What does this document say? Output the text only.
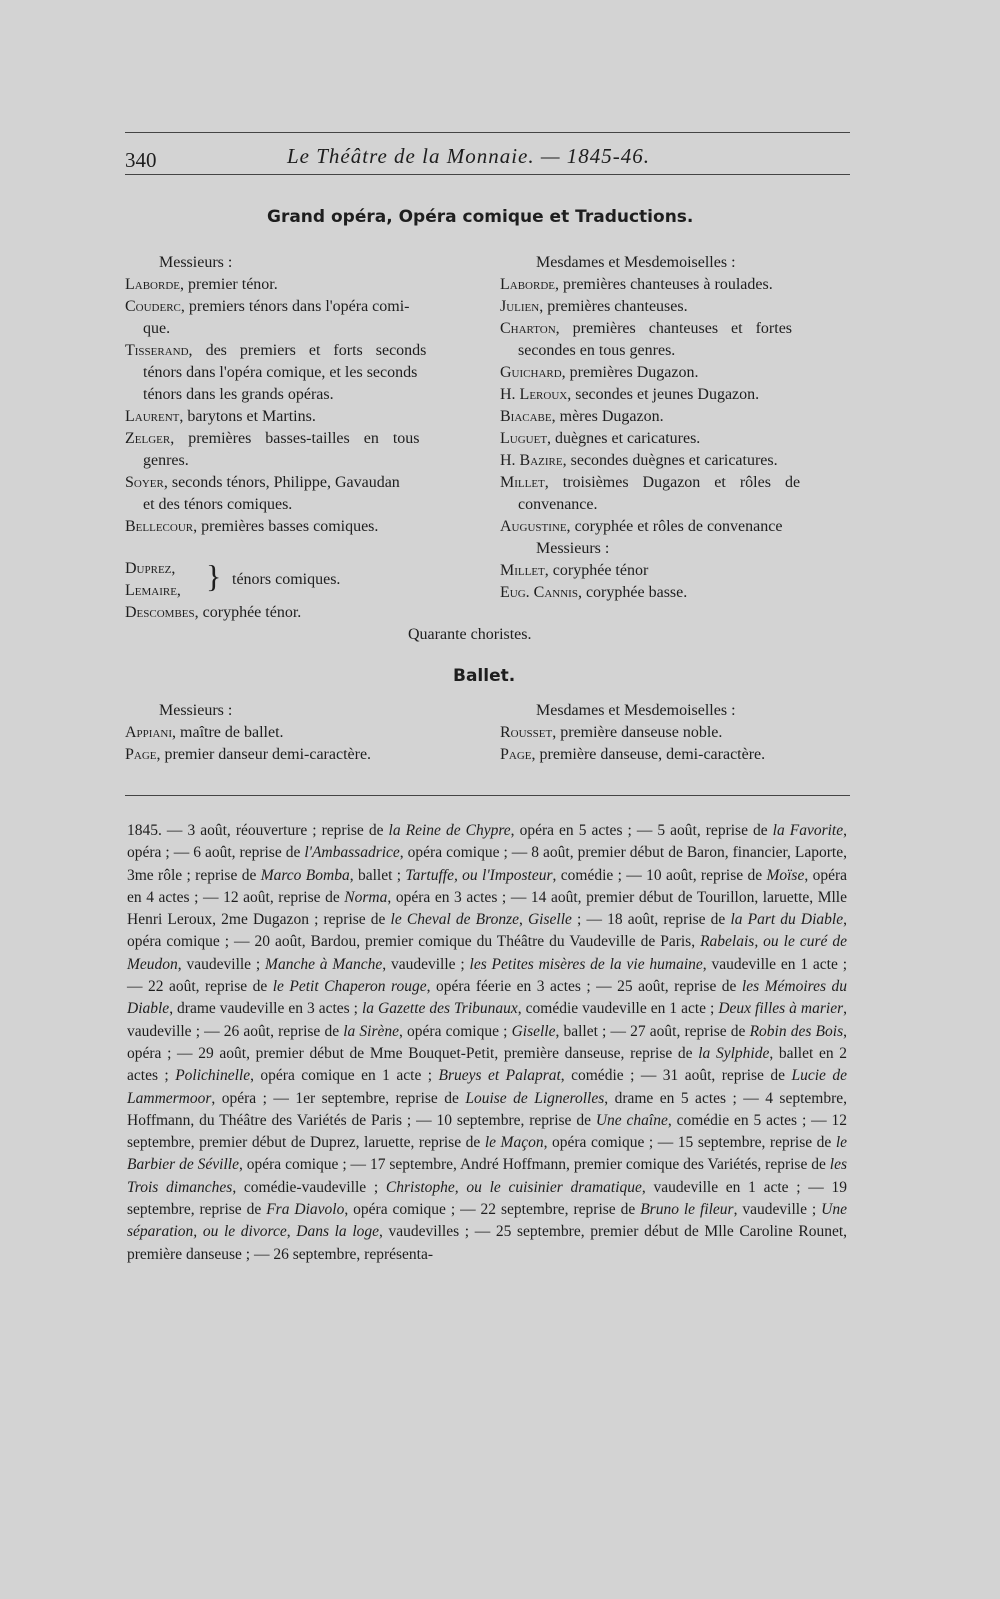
340	Le Théâtre de la Monnaie. — 1845-46.
Grand opéra, Opéra comique et Traductions.
Messieurs :
Laborde, premier ténor.
Couderc, premiers ténors dans l'opéra comi-
que.
Tisserand, des premiers et forts seconds
ténors dans l'opéra comique, et les seconds
ténors dans les grands opéras.
Laurent, barytons et Martins.
Zelger, premières basses-tailles en tous
genres.
Soyer, seconds ténors, Philippe, Gavaudan
et des ténors comiques.
Bellecour, premières basses comiques.
Duprez,
Lemaire, } ténors comiques.
Descombes, coryphée ténor.
Mesdames et Mesdemoiselles :
Laborde, premières chanteuses à roulades.
Julien, premières chanteuses.
Charton, premières chanteuses et fortes
secondes en tous genres.
Guichard, premières Dugazon.
H. Leroux, secondes et jeunes Dugazon.
Biacabe, mères Dugazon.
Luguet, duègnes et caricatures.
H. Bazire, secondes duègnes et caricatures.
Millet, troisièmes Dugazon et rôles de
convenance.
Augustine, coryphée et rôles de convenance
Messieurs :
Millet, coryphée ténor
Eug. Cannis, coryphée basse.
Quarante choristes.
Ballet.
Messieurs :
Appiani, maître de ballet.
Page, premier danseur demi-caractère.
Mesdames et Mesdemoiselles :
Rousset, première danseuse noble.
Page, première danseuse, demi-caractère.
1845. — 3 août, réouverture ; reprise de la Reine de Chypre, opéra en 5 actes ; — 5 août, reprise de la Favorite, opéra ; — 6 août, reprise de l'Ambassadrice, opéra comique ; — 8 août, premier début de Baron, financier, Laporte, 3me rôle ; reprise de Marco Bomba, ballet ; Tartuffe, ou l'Imposteur, comédie ; — 10 août, reprise de Moïse, opéra en 4 actes ; — 12 août, reprise de Norma, opéra en 3 actes ; — 14 août, premier début de Tourillon, laruette, Mlle Henri Leroux, 2me Dugazon ; reprise de le Cheval de Bronze, Giselle ; — 18 août, reprise de la Part du Diable, opéra comique ; — 20 août, Bardou, premier comique du Théâtre du Vaudeville de Paris, Rabelais, ou le curé de Meudon, vaudeville ; Manche à Manche, vaudeville ; les Petites misères de la vie humaine, vaudeville en 1 acte ; — 22 août, reprise de le Petit Chaperon rouge, opéra féerie en 3 actes ; — 25 août, reprise de les Mémoires du Diable, drame vaudeville en 3 actes ; la Gazette des Tribunaux, comédie vaudeville en 1 acte ; Deux filles à marier, vaudeville ; — 26 août, reprise de la Sirène, opéra comique ; Giselle, ballet ; — 27 août, reprise de Robin des Bois, opéra ; — 29 août, premier début de Mme Bouquet-Petit, première danseuse, reprise de la Sylphide, ballet en 2 actes ; Polichinelle, opéra comique en 1 acte ; Brueys et Palaprat, comédie ; — 31 août, reprise de Lucie de Lammermoor, opéra ; — 1er septembre, reprise de Louise de Lignerolles, drame en 5 actes ; — 4 septembre, Hoffmann, du Théâtre des Variétés de Paris ; — 10 septembre, reprise de Une chaîne, comédie en 5 actes ; — 12 septembre, premier début de Duprez, laruette, reprise de le Maçon, opéra comique ; — 15 septembre, reprise de le Barbier de Séville, opéra comique ; — 17 septembre, André Hoffmann, premier comique des Variétés, reprise de les Trois dimanches, comédie-vaudeville ; Christophe, ou le cuisinier dramatique, vaudeville en 1 acte ; — 19 septembre, reprise de Fra Diavolo, opéra comique ; — 22 septembre, reprise de Bruno le fileur, vaudeville ; Une séparation, ou le divorce, Dans la loge, vaudevilles ; — 25 septembre, premier début de Mlle Caroline Rounet, première danseuse ; — 26 septembre, représenta-
